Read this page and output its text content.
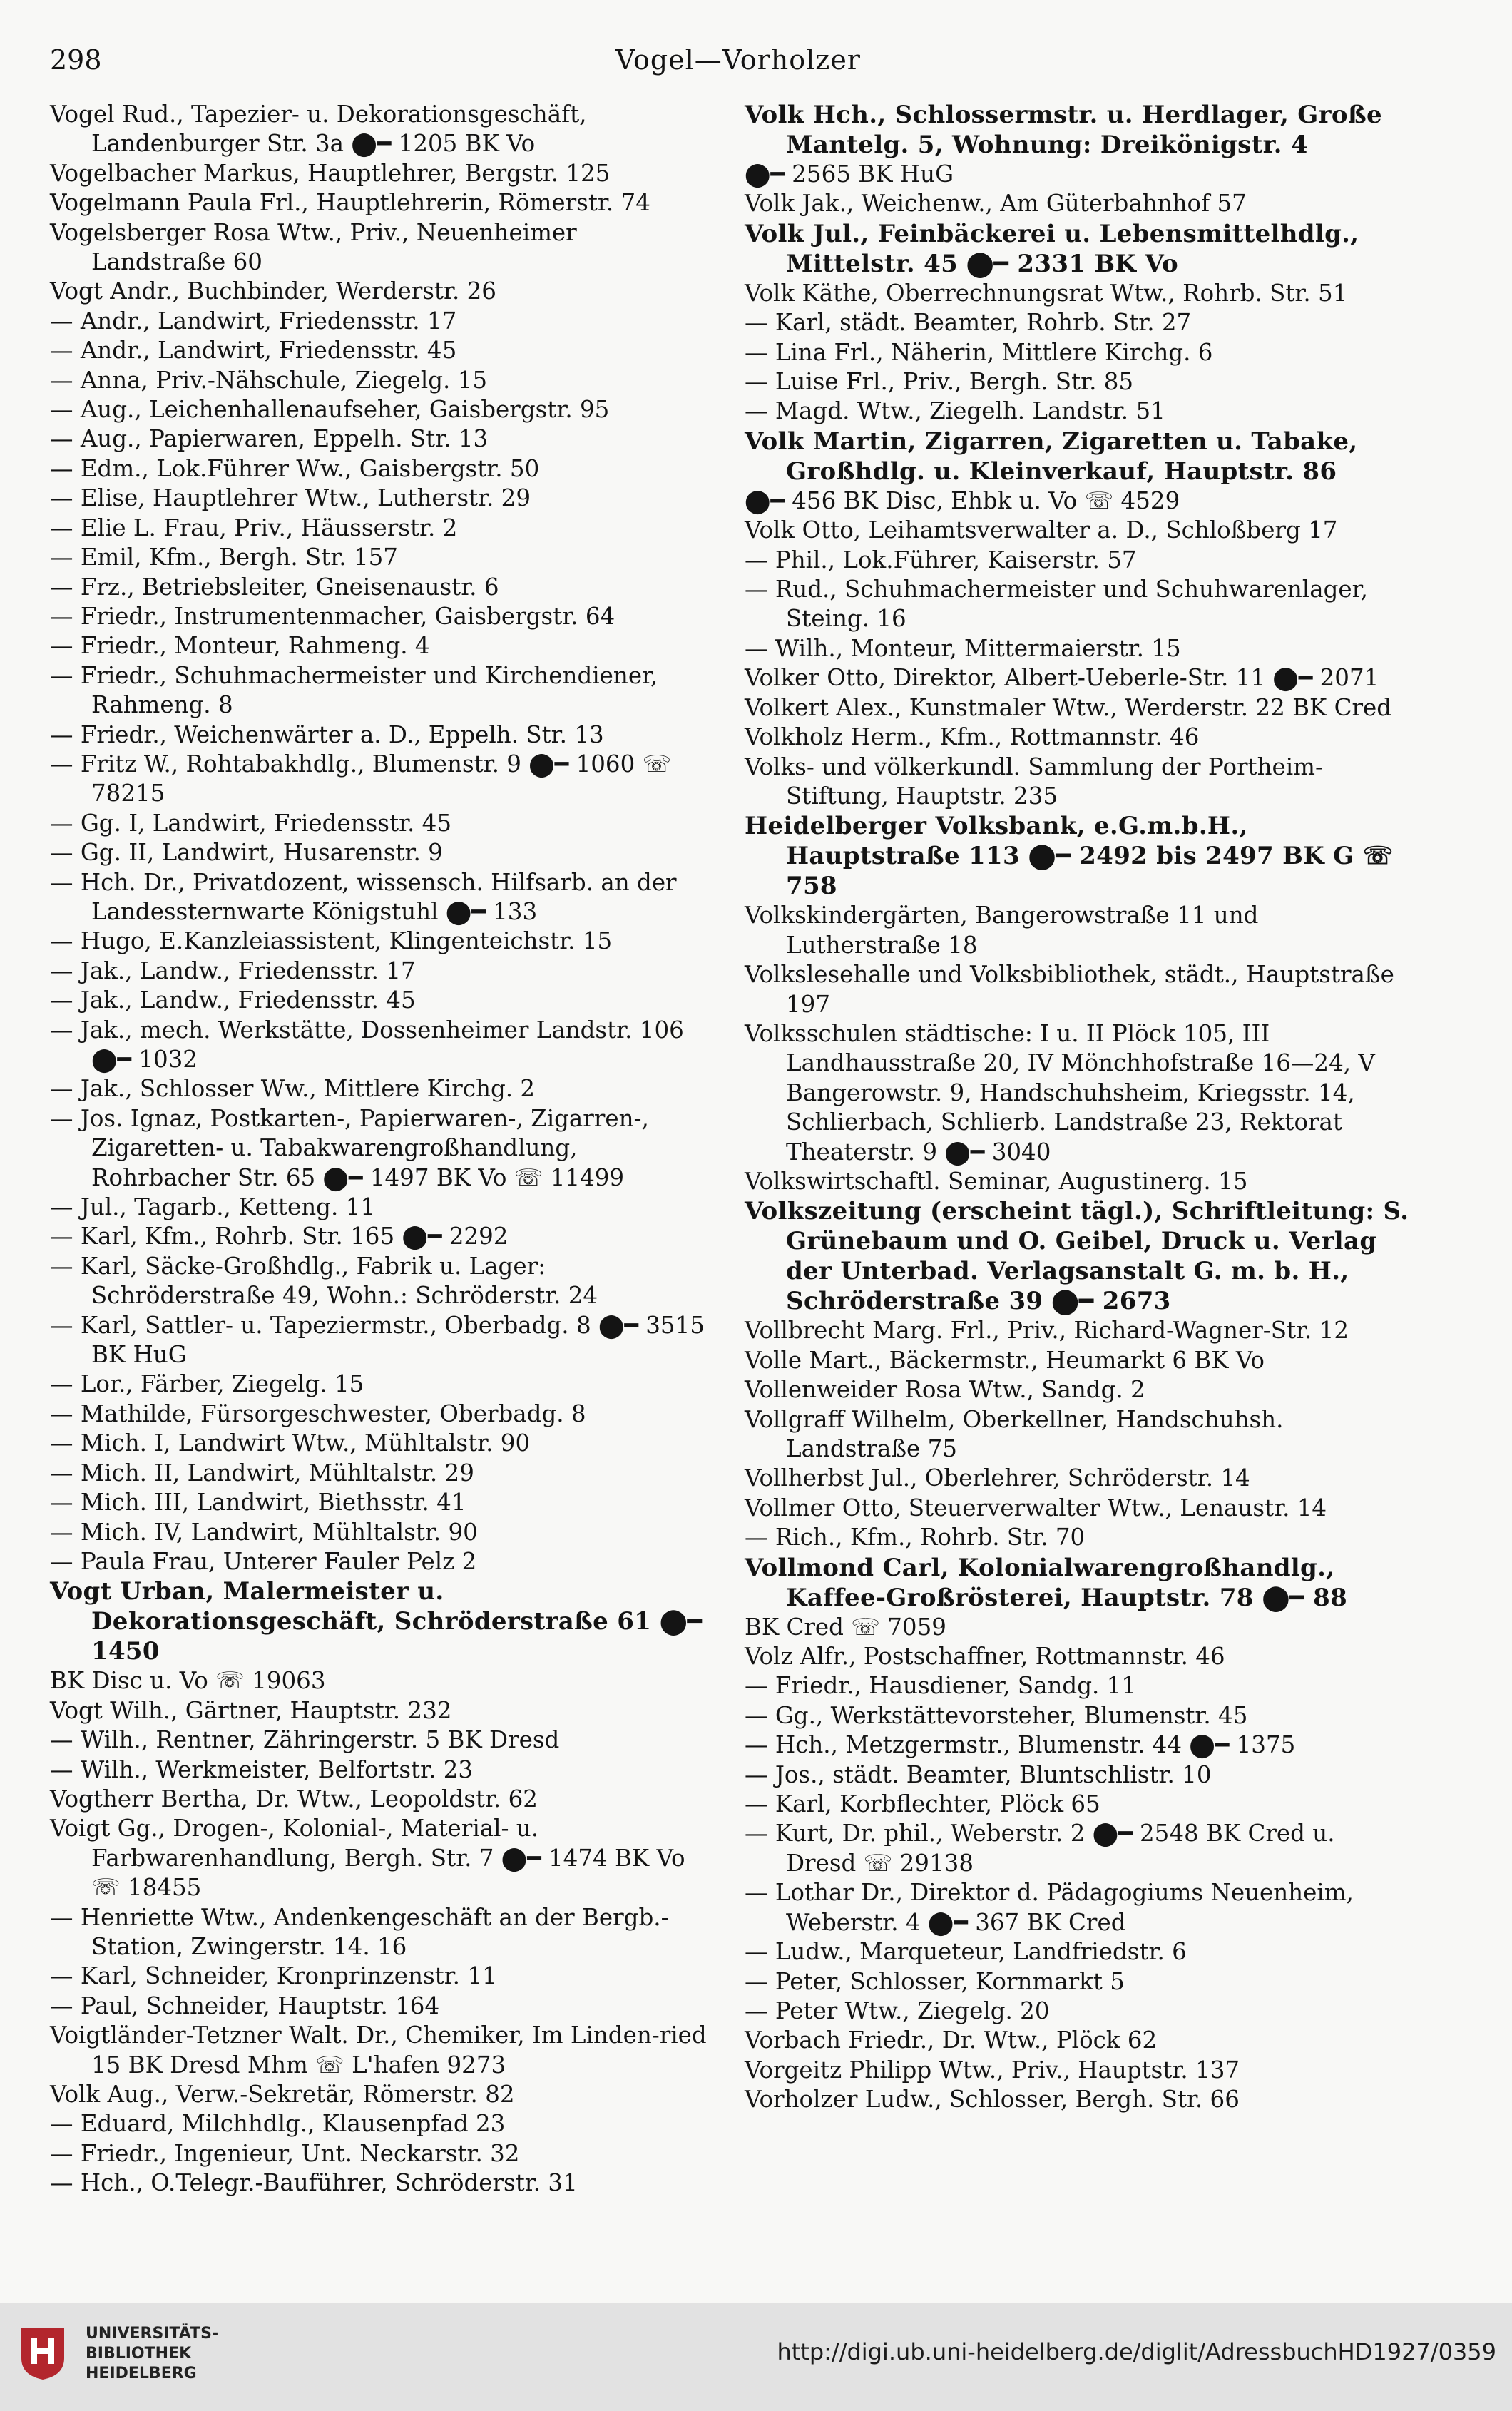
298	Vogel—Vorholzer
Vogel Rud., Tapezier- u. Dekorationsgeschäft, Landenburger Str. 3a ⬤━ 1205 BK Vo
Vogelbacher Markus, Hauptlehrer, Bergstr. 125
Vogelmann Paula Frl., Hauptlehrerin, Römerstr. 74
Vogelsberger Rosa Wtw., Priv., Neuenheimer Landstraße 60
Vogt Andr., Buchbinder, Werderstr. 26
— Andr., Landwirt, Friedensstr. 17
— Andr., Landwirt, Friedensstr. 45
— Anna, Priv.-Nähschule, Ziegelg. 15
— Aug., Leichenhallenaufseher, Gaisbergstr. 95
— Aug., Papierwaren, Eppelh. Str. 13
— Edm., Lok.Führer Ww., Gaisbergstr. 50
— Elise, Hauptlehrer Wtw., Lutherstr. 29
— Elie L. Frau, Priv., Häusserstr. 2
— Emil, Kfm., Bergh. Str. 157
— Frz., Betriebsleiter, Gneisenaustr. 6
— Friedr., Instrumentenmacher, Gaisbergstr. 64
— Friedr., Monteur, Rahmeng. 4
— Friedr., Schuhmachermeister und Kirchendiener, Rahmeng. 8
— Friedr., Weichenwärter a. D., Eppelh. Str. 13
— Fritz W., Rohtabakhdlg., Blumenstr. 9 ⬤━ 1060 ☏ 78215
— Gg. I, Landwirt, Friedensstr. 45
— Gg. II, Landwirt, Husarenstr. 9
— Hch. Dr., Privatdozent, wissensch. Hilfsarb. an der Landessternwarte Königstuhl ⬤━ 133
— Hugo, E.Kanzleiassistent, Klingenteichstr. 15
— Jak., Landw., Friedensstr. 17
— Jak., Landw., Friedensstr. 45
— Jak., mech. Werkstätte, Dossenheimer Landstr. 106 ⬤━ 1032
— Jak., Schlosser Ww., Mittlere Kirchg. 2
— Jos. Ignaz, Postkarten-, Papierwaren-, Zigarren-, Zigaretten- u. Tabakwarengroßhandlung, Rohrbacher Str. 65 ⬤━ 1497 BK Vo ☏ 11499
— Jul., Tagarb., Ketteng. 11
— Karl, Kfm., Rohrb. Str. 165 ⬤━ 2292
— Karl, Säcke-Großhdlg., Fabrik u. Lager: Schröderstraße 49, Wohn.: Schröderstr. 24
— Karl, Sattler- u. Tapeziermstr., Oberbadg. 8 ⬤━ 3515 BK HuG
— Lor., Färber, Ziegelg. 15
— Mathilde, Fürsorgeschwester, Oberbadg. 8
— Mich. I, Landwirt Wtw., Mühltalstr. 90
— Mich. II, Landwirt, Mühltalstr. 29
— Mich. III, Landwirt, Biethsstr. 41
— Mich. IV, Landwirt, Mühltalstr. 90
— Paula Frau, Unterer Fauler Pelz 2
Vogt Urban, Malermeister u. Dekorationsgeschäft, Schröderstraße 61 ⬤━ 1450
BK Disc u. Vo ☏ 19063
Vogt Wilh., Gärtner, Hauptstr. 232
— Wilh., Rentner, Zähringerstr. 5 BK Dresd
— Wilh., Werkmeister, Belfortstr. 23
Vogtherr Bertha, Dr. Wtw., Leopoldstr. 62
Voigt Gg., Drogen-, Kolonial-, Material- u. Farbwarenhandlung, Bergh. Str. 7 ⬤━ 1474 BK Vo ☏ 18455
— Henriette Wtw., Andenkengeschäft an der Bergb.-Station, Zwingerstr. 14. 16
— Karl, Schneider, Kronprinzenstr. 11
— Paul, Schneider, Hauptstr. 164
Voigtländer-Tetzner Walt. Dr., Chemiker, Im Linden-ried 15 BK Dresd Mhm ☏ L'hafen 9273
Volk Aug., Verw.-Sekretär, Römerstr. 82
— Eduard, Milchhdlg., Klausenpfad 23
— Friedr., Ingenieur, Unt. Neckarstr. 32
— Hch., O.Telegr.-Bauführer, Schröderstr. 31
Volk Hch., Schlossermstr. u. Herdlager, Große Mantelg. 5, Wohnung: Dreikönigstr. 4
⬤━ 2565 BK HuG
Volk Jak., Weichenw., Am Güterbahnhof 57
Volk Jul., Feinbäckerei u. Lebensmittelhdlg., Mittelstr. 45 ⬤━ 2331 BK Vo
Volk Käthe, Oberrechnungsrat Wtw., Rohrb. Str. 51
— Karl, städt. Beamter, Rohrb. Str. 27
— Lina Frl., Näherin, Mittlere Kirchg. 6
— Luise Frl., Priv., Bergh. Str. 85
— Magd. Wtw., Ziegelh. Landstr. 51
Volk Martin, Zigarren, Zigaretten u. Tabake, Großhdlg. u. Kleinverkauf, Hauptstr. 86
⬤━ 456 BK Disc, Ehbk u. Vo ☏ 4529
Volk Otto, Leihamtsverwalter a. D., Schloßberg 17
— Phil., Lok.Führer, Kaiserstr. 57
— Rud., Schuhmachermeister und Schuhwarenlager, Steing. 16
— Wilh., Monteur, Mittermaierstr. 15
Volker Otto, Direktor, Albert-Ueberle-Str. 11 ⬤━ 2071
Volkert Alex., Kunstmaler Wtw., Werderstr. 22 BK Cred
Volkholz Herm., Kfm., Rottmannstr. 46
Volks- und völkerkundl. Sammlung der Portheim-Stiftung, Hauptstr. 235
Heidelberger Volksbank, e.G.m.b.H., Hauptstraße 113 ⬤━ 2492 bis 2497 BK G ☏ 758
Volkskindergärten, Bangerowstraße 11 und Lutherstraße 18
Volkslesehalle und Volksbibliothek, städt., Hauptstraße 197
Volksschulen städtische: I u. II Plöck 105, III Landhausstraße 20, IV Mönchhofstraße 16—24, V Bangerowstr. 9, Handschuhsheim, Kriegsstr. 14, Schlierbach, Schlierb. Landstraße 23, Rektorat Theaterstr. 9 ⬤━ 3040
Volkswirtschaftl. Seminar, Augustinerg. 15
Volkszeitung (erscheint tägl.), Schriftleitung: S. Grünebaum und O. Geibel, Druck u. Verlag der Unterbad. Verlagsanstalt G. m. b. H., Schröderstraße 39 ⬤━ 2673
Vollbrecht Marg. Frl., Priv., Richard-Wagner-Str. 12
Volle Mart., Bäckermstr., Heumarkt 6 BK Vo
Vollenweider Rosa Wtw., Sandg. 2
Vollgraff Wilhelm, Oberkellner, Handschuhsh. Landstraße 75
Vollherbst Jul., Oberlehrer, Schröderstr. 14
Vollmer Otto, Steuerverwalter Wtw., Lenaustr. 14
— Rich., Kfm., Rohrb. Str. 70
Vollmond Carl, Kolonialwarengroßhandlg., Kaffee-Großrösterei, Hauptstr. 78 ⬤━ 88
BK Cred ☏ 7059
Volz Alfr., Postschaffner, Rottmannstr. 46
— Friedr., Hausdiener, Sandg. 11
— Gg., Werkstättevorsteher, Blumenstr. 45
— Hch., Metzgermstr., Blumenstr. 44 ⬤━ 1375
— Jos., städt. Beamter, Bluntschlistr. 10
— Karl, Korbflechter, Plöck 65
— Kurt, Dr. phil., Weberstr. 2 ⬤━ 2548 BK Cred u. Dresd ☏ 29138
— Lothar Dr., Direktor d. Pädagogiums Neuenheim, Weberstr. 4 ⬤━ 367 BK Cred
— Ludw., Marqueteur, Landfriedstr. 6
— Peter, Schlosser, Kornmarkt 5
— Peter Wtw., Ziegelg. 20
Vorbach Friedr., Dr. Wtw., Plöck 62
Vorgeitz Philipp Wtw., Priv., Hauptstr. 137
Vorholzer Ludw., Schlosser, Bergh. Str. 66
UNIVERSITÄTS-
BIBLIOTHEK
HEIDELBERG
http://digi.ub.uni-heidelberg.de/diglit/AdressbuchHD1927/0359
